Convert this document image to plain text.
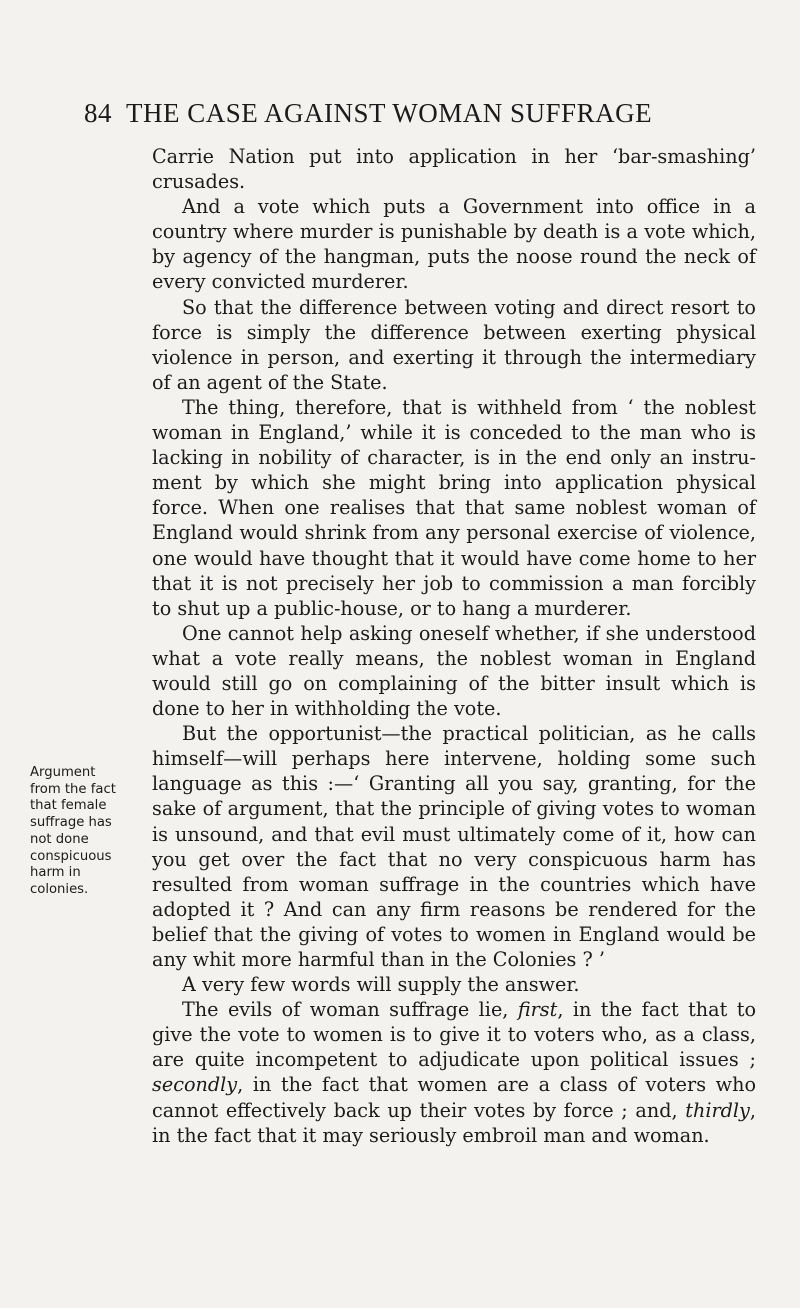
84 THE CASE AGAINST WOMAN SUFFRAGE
Argument
from the fact
that female
suffrage has
not done
conspicuous
harm in
colonies.

Carrie Nation put into application in her ‘bar-smashing’ crusades.

And a vote which puts a Government into office in a country where murder is punishable by death is a vote which, by agency of the hangman, puts the noose round the neck of every convicted murderer.

So that the difference between voting and direct resort to force is simply the difference between exerting physical violence in person, and exerting it through the intermediary of an agent of the State.

The thing, therefore, that is withheld from ‘ the noblest woman in England,’ while it is conceded to the man who is lacking in nobility of character, is in the end only an instrument by which she might bring into application physical force. When one realises that that same noblest woman of England would shrink from any personal exercise of violence, one would have thought that it would have come home to her that it is not precisely her job to commission a man forcibly to shut up a public-house, or to hang a murderer.

One cannot help asking oneself whether, if she understood what a vote really means, the noblest woman in England would still go on complaining of the bitter insult which is done to her in withholding the vote.

But the opportunist—the practical politician, as he calls himself—will perhaps here intervene, holding some such language as this :—‘ Granting all you say, granting, for the sake of argument, that the principle of giving votes to woman is unsound, and that evil must ultimately come of it, how can you get over the fact that no very conspicuous harm has resulted from woman suffrage in the countries which have adopted it ? And can any firm reasons be rendered for the belief that the giving of votes to women in England would be any whit more harmful than in the Colonies ? ’

A very few words will supply the answer.

The evils of woman suffrage lie, first, in the fact that to give the vote to women is to give it to voters who, as a class, are quite incompetent to adjudicate upon political issues ; secondly, in the fact that women are a class of voters who cannot effectively back up their votes by force ; and, thirdly, in the fact that it may seriously embroil man and woman.
